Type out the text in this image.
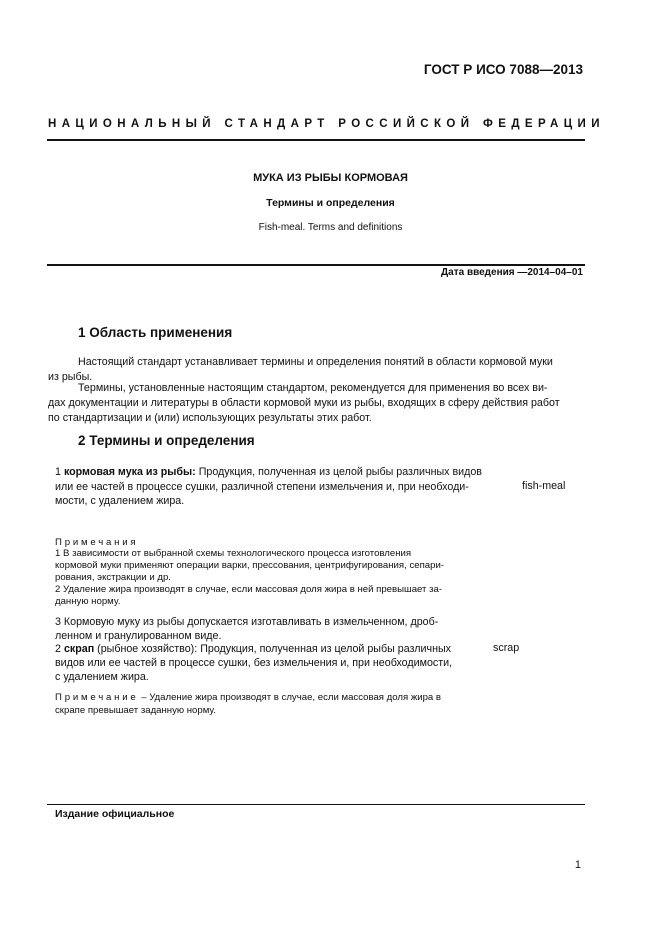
ГОСТ Р ИСО 7088—2013
НАЦИОНАЛЬНЫЙ СТАНДАРТ РОССИЙСКОЙ ФЕДЕРАЦИИ
МУКА ИЗ РЫБЫ КОРМОВАЯ
Термины и определения
Fish-meal. Terms and definitions
Дата введения —2014–04–01
1 Область применения
Настоящий стандарт устанавливает термины и определения понятий в области кормовой муки
из рыбы.
Термины, установленные настоящим стандартом, рекомендуется для применения во всех ви-
дах документации и литературы в области кормовой муки из рыбы, входящих в сферу действия работ
по стандартизации и (или) использующих результаты этих работ.
2 Термины и определения
1 кормовая мука из рыбы: Продукция, полученная из целой рыбы различных видов
или ее частей в процессе сушки, различной степени измельчения и, при необходи-
мости, с удалением жира.
fish-meal
Примечания
1 В зависимости от выбранной схемы технологического процесса изготовления
кормовой муки применяют операции варки, прессования, центрифугирования, сепари-
рования, экстракции и др.
2 Удаление жира производят в случае, если массовая доля жира в ней превышает за-
данную норму.
3 Кормовую муку из рыбы допускается изготавливать в измельченном, дроб-
ленном и гранулированном виде.
2 скрап (рыбное хозяйство): Продукция, полученная из целой рыбы различных
видов или ее частей в процессе сушки, без измельчения и, при необходимости,
с удалением жира.
scrap
Примечание – Удаление жира производят в случае, если массовая доля жира в
скрапе превышает заданную норму.
Издание официальное
1
